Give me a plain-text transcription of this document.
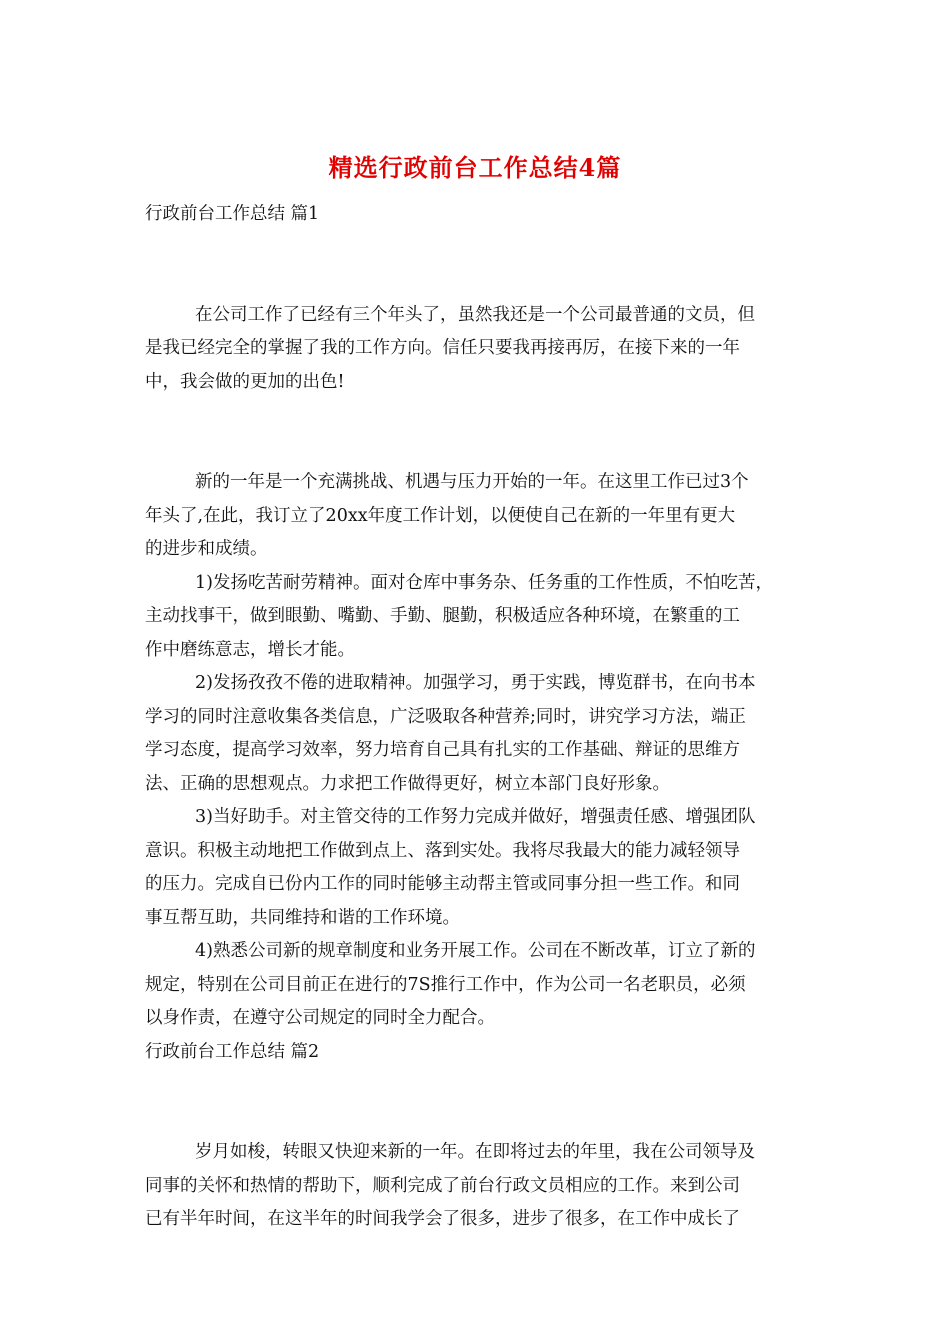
精选行政前台工作总结4篇
行政前台工作总结 篇1
在公司工作了已经有三个年头了，虽然我还是一个公司最普通的文员，但
是我已经完全的掌握了我的工作方向。信任只要我再接再厉，在接下来的一年
中，我会做的更加的出色!
新的一年是一个充满挑战、机遇与压力开始的一年。在这里工作已过3个
年头了,在此，我订立了20xx年度工作计划，以便使自己在新的一年里有更大
的进步和成绩。
1)发扬吃苦耐劳精神。面对仓库中事务杂、任务重的工作性质，不怕吃苦，
主动找事干，做到眼勤、嘴勤、手勤、腿勤，积极适应各种环境，在繁重的工
作中磨练意志，增长才能。
2)发扬孜孜不倦的进取精神。加强学习，勇于实践，博览群书，在向书本
学习的同时注意收集各类信息，广泛吸取各种营养;同时，讲究学习方法，端正
学习态度，提高学习效率，努力培育自己具有扎实的工作基础、辩证的思维方
法、正确的思想观点。力求把工作做得更好，树立本部门良好形象。
3)当好助手。对主管交待的工作努力完成并做好，增强责任感、增强团队
意识。积极主动地把工作做到点上、落到实处。我将尽我最大的能力减轻领导
的压力。完成自已份内工作的同时能够主动帮主管或同事分担一些工作。和同
事互帮互助，共同维持和谐的工作环境。
4)熟悉公司新的规章制度和业务开展工作。公司在不断改革，订立了新的
规定，特别在公司目前正在进行的7S推行工作中，作为公司一名老职员，必须
以身作责，在遵守公司规定的同时全力配合。
行政前台工作总结 篇2
岁月如梭，转眼又快迎来新的一年。在即将过去的年里，我在公司领导及
同事的关怀和热情的帮助下，顺利完成了前台行政文员相应的工作。来到公司
已有半年时间，在这半年的时间我学会了很多，进步了很多，在工作中成长了
